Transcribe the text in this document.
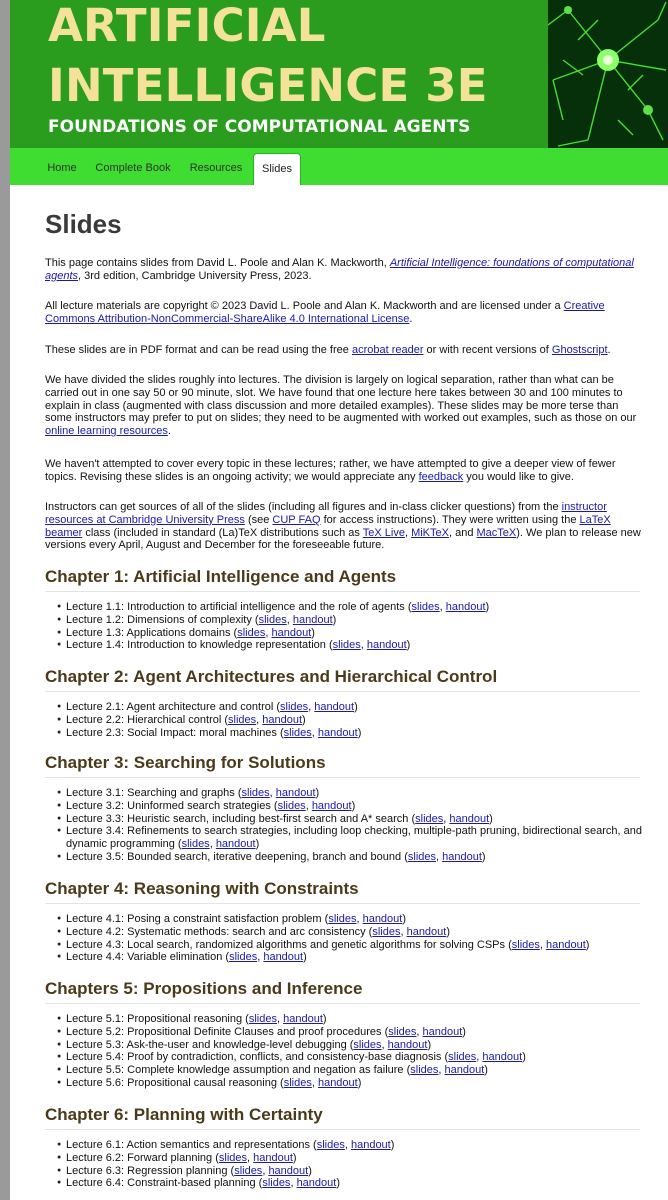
ARTIFICIAL
INTELLIGENCE 3E
FOUNDATIONS OF COMPUTATIONAL AGENTS
Home	Complete Book	Resources	Slides
Slides

This page contains slides from David L. Poole and Alan K. Mackworth, Artificial Intelligence: foundations of computational agents, 3rd edition, Cambridge University Press, 2023.

All lecture materials are copyright © 2023 David L. Poole and Alan K. Mackworth and are licensed under a Creative Commons Attribution-NonCommercial-ShareAlike 4.0 International License.

These slides are in PDF format and can be read using the free acrobat reader or with recent versions of Ghostscript.

We have divided the slides roughly into lectures. The division is largely on logical separation, rather than what can be carried out in one say 50 or 90 minute, slot. We have found that one lecture here takes between 30 and 100 minutes to explain in class (augmented with class discussion and more detailed examples). These slides may be more terse than some instructors may prefer to put on slides; they need to be augmented with worked out examples, such as those on our online learning resources.

We haven't attempted to cover every topic in these lectures; rather, we have attempted to give a deeper view of fewer topics. Revising these slides is an ongoing activity; we would appreciate any feedback you would like to give.

Instructors can get sources of all of the slides (including all figures and in-class clicker questions) from the instructor resources at Cambridge University Press (see CUP FAQ for access instructions). They were written using the LaTeX beamer class (included in standard (La)TeX distributions such as TeX Live, MiKTeX, and MacTeX). We plan to release new versions every April, August and December for the foreseeable future.

Chapter 1: Artificial Intelligence and Agents
● Lecture 1.1: Introduction to artificial intelligence and the role of agents (slides, handout)
● Lecture 1.2: Dimensions of complexity (slides, handout)
● Lecture 1.3: Applications domains (slides, handout)
● Lecture 1.4: Introduction to knowledge representation (slides, handout)
Chapter 2: Agent Architectures and Hierarchical Control
● Lecture 2.1: Agent architecture and control (slides, handout)
● Lecture 2.2: Hierarchical control (slides, handout)
● Lecture 2.3: Social Impact: moral machines (slides, handout)
Chapter 3: Searching for Solutions
● Lecture 3.1: Searching and graphs (slides, handout)
● Lecture 3.2: Uninformed search strategies (slides, handout)
● Lecture 3.3: Heuristic search, including best-first search and A* search (slides, handout)
● Lecture 3.4: Refinements to search strategies, including loop checking, multiple-path pruning, bidirectional search, and dynamic programming (slides, handout)
● Lecture 3.5: Bounded search, iterative deepening, branch and bound (slides, handout)
Chapter 4: Reasoning with Constraints
● Lecture 4.1: Posing a constraint satisfaction problem (slides, handout)
● Lecture 4.2: Systematic methods: search and arc consistency (slides, handout)
● Lecture 4.3: Local search, randomized algorithms and genetic algorithms for solving CSPs (slides, handout)
● Lecture 4.4: Variable elimination (slides, handout)
Chapters 5: Propositions and Inference
● Lecture 5.1: Propositional reasoning (slides, handout)
● Lecture 5.2: Propositional Definite Clauses and proof procedures (slides, handout)
● Lecture 5.3: Ask-the-user and knowledge-level debugging (slides, handout)
● Lecture 5.4: Proof by contradiction, conflicts, and consistency-base diagnosis (slides, handout)
● Lecture 5.5: Complete knowledge assumption and negation as failure (slides, handout)
● Lecture 5.6: Propositional causal reasoning (slides, handout)
Chapter 6: Planning with Certainty
● Lecture 6.1: Action semantics and representations (slides, handout)
● Lecture 6.2: Forward planning (slides, handout)
● Lecture 6.3: Regression planning (slides, handout)
● Lecture 6.4: Constraint-based planning (slides, handout)
